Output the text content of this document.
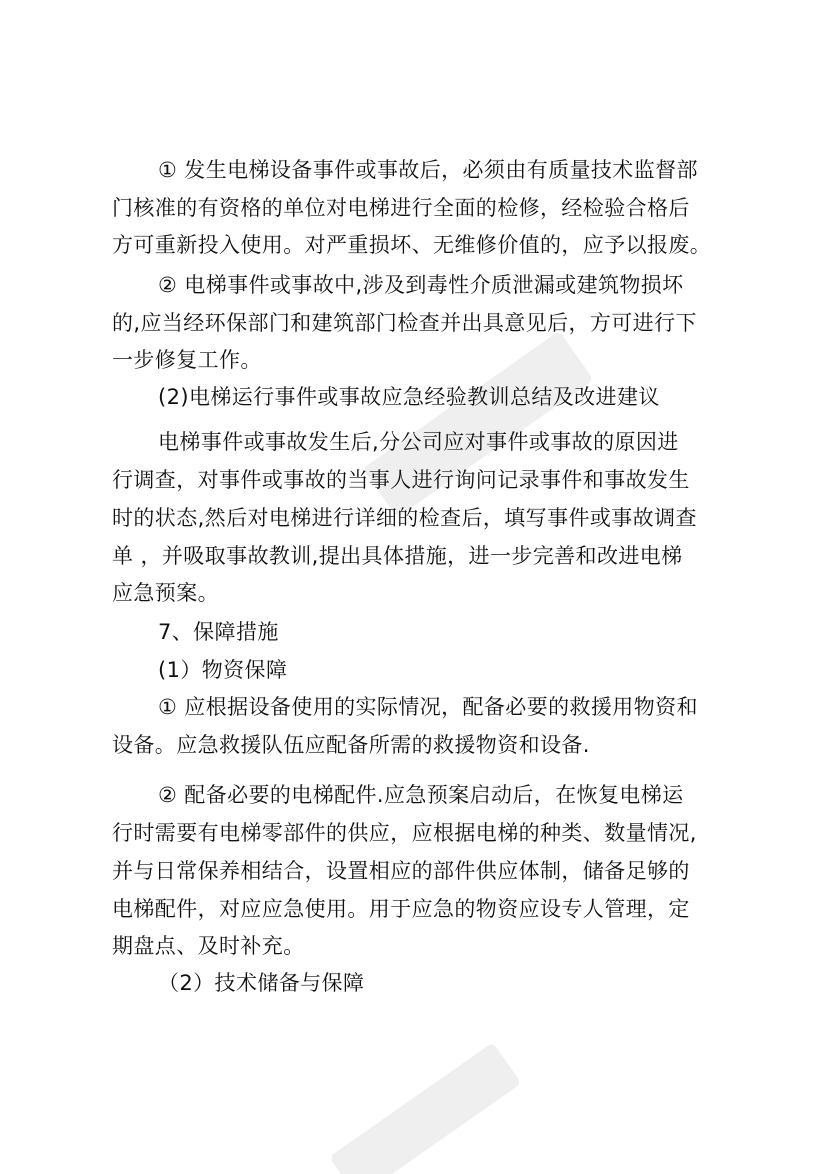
① 发生电梯设备事件或事故后，必须由有质量技术监督部
门核准的有资格的单位对电梯进行全面的检修，经检验合格后
方可重新投入使用。对严重损坏、无维修价值的，应予以报废。
② 电梯事件或事故中,涉及到毒性介质泄漏或建筑物损坏
的,应当经环保部门和建筑部门检查并出具意见后，方可进行下
一步修复工作。
(2)电梯运行事件或事故应急经验教训总结及改进建议
电梯事件或事故发生后,分公司应对事件或事故的原因进
行调查，对事件或事故的当事人进行询问记录事件和事故发生
时的状态,然后对电梯进行详细的检查后，填写事件或事故调查
单 ，并吸取事故教训,提出具体措施，进一步完善和改进电梯
应急预案。
7、保障措施
(1）物资保障
① 应根据设备使用的实际情况，配备必要的救援用物资和
设备。应急救援队伍应配备所需的救援物资和设备.
② 配备必要的电梯配件.应急预案启动后，在恢复电梯运
行时需要有电梯零部件的供应，应根据电梯的种类、数量情况,
并与日常保养相结合，设置相应的部件供应体制，储备足够的
电梯配件，对应应急使用。用于应急的物资应设专人管理，定
期盘点、及时补充。
（2）技术储备与保障
